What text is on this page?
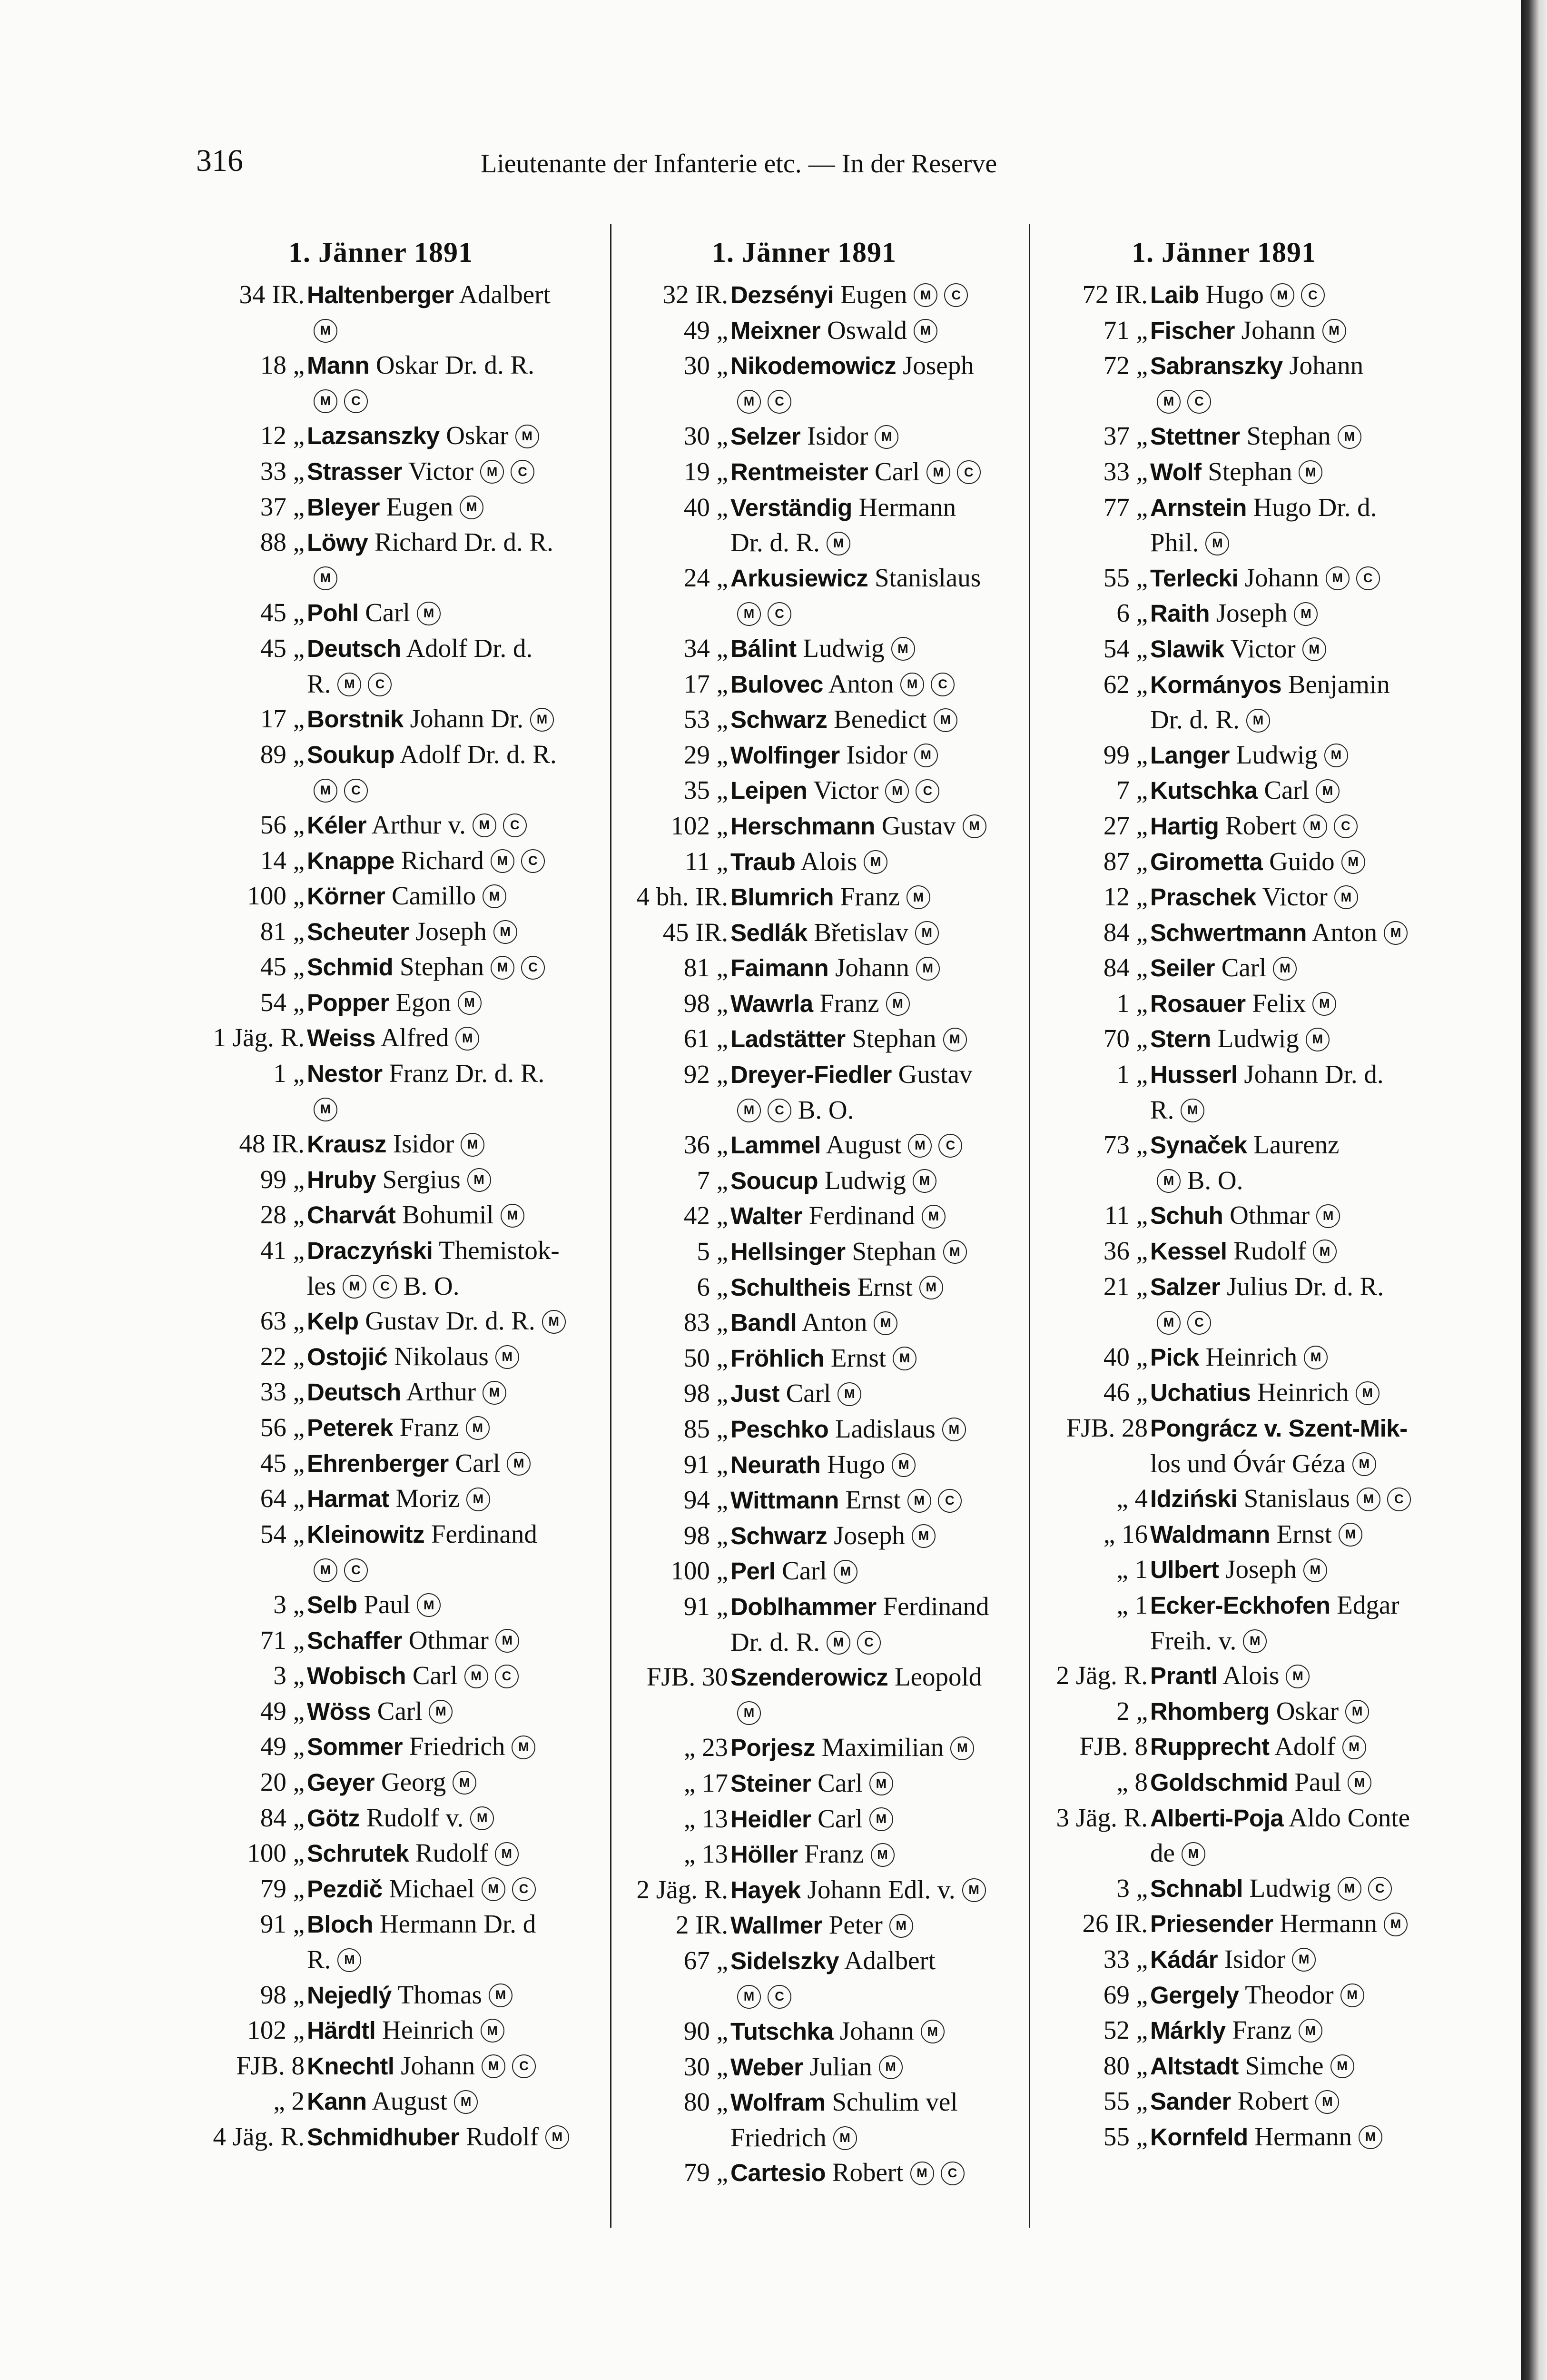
316	Lieutenante der Infanterie etc. — In der Reserve
1. Jänner 1891
34 IR. Haltenberger Adalbert
M
18 „ Mann Oskar Dr. d. R.
M C
12 „ Lazsanszky Oskar M
33 „ Strasser Victor M C
37 „ Bleyer Eugen M
88 „ Löwy Richard Dr. d. R.
M
45 „ Pohl Carl M
45 „ Deutsch Adolf Dr. d.
R. M C
17 „ Borstnik Johann Dr. M
89 „ Soukup Adolf Dr. d. R.
M C
56 „ Kéler Arthur v. M C
14 „ Knappe Richard M C
100 „ Körner Camillo M
81 „ Scheuter Joseph M
45 „ Schmid Stephan M C
54 „ Popper Egon M
1 Jäg. R. Weiss Alfred M
1 „ Nestor Franz Dr. d. R.
M
48 IR. Krausz Isidor M
99 „ Hruby Sergius M
28 „ Charvát Bohumil M
41 „ Draczyński Themistok-
les M C B. O.
63 „ Kelp Gustav Dr. d. R. M
22 „ Ostojić Nikolaus M
33 „ Deutsch Arthur M
56 „ Peterek Franz M
45 „ Ehrenberger Carl M
64 „ Harmat Moriz M
54 „ Kleinowitz Ferdinand
M C
3 „ Selb Paul M
71 „ Schaffer Othmar M
3 „ Wobisch Carl M C
49 „ Wöss Carl M
49 „ Sommer Friedrich M
20 „ Geyer Georg M
84 „ Götz Rudolf v. M
100 „ Schrutek Rudolf M
79 „ Pezdič Michael M C
91 „ Bloch Hermann Dr. d
R. M
98 „ Nejedlý Thomas M
102 „ Härdtl Heinrich M
FJB. 8 Knechtl Johann M C
„ 2 Kann August M
4 Jäg. R. Schmidhuber Rudolf M
1. Jänner 1891
32 IR. Dezsényi Eugen M C
49 „ Meixner Oswald M
30 „ Nikodemowicz Joseph
M C
30 „ Selzer Isidor M
19 „ Rentmeister Carl M C
40 „ Verständig Hermann
Dr. d. R. M
24 „ Arkusiewicz Stanislaus
M C
34 „ Bálint Ludwig M
17 „ Bulovec Anton M C
53 „ Schwarz Benedict M
29 „ Wolfinger Isidor M
35 „ Leipen Victor M C
102 „ Herschmann Gustav M
11 „ Traub Alois M
4 bh. IR. Blumrich Franz M
45 IR. Sedlák Břetislav M
81 „ Faimann Johann M
98 „ Wawrla Franz M
61 „ Ladstätter Stephan M
92 „ Dreyer-Fiedler Gustav
M C B. O.
36 „ Lammel August M C
7 „ Soucup Ludwig M
42 „ Walter Ferdinand M
5 „ Hellsinger Stephan M
6 „ Schultheis Ernst M
83 „ Bandl Anton M
50 „ Fröhlich Ernst M
98 „ Just Carl M
85 „ Peschko Ladislaus M
91 „ Neurath Hugo M
94 „ Wittmann Ernst M C
98 „ Schwarz Joseph M
100 „ Perl Carl M
91 „ Doblhammer Ferdinand
Dr. d. R. M C
FJB. 30 Szenderowicz Leopold
M
„ 23 Porjesz Maximilian M
„ 17 Steiner Carl M
„ 13 Heidler Carl M
„ 13 Höller Franz M
2 Jäg. R. Hayek Johann Edl. v. M
2 IR. Wallmer Peter M
67 „ Sidelszky Adalbert
M C
90 „ Tutschka Johann M
30 „ Weber Julian M
80 „ Wolfram Schulim vel
Friedrich M
79 „ Cartesio Robert M C
1. Jänner 1891
72 IR. Laib Hugo M C
71 „ Fischer Johann M
72 „ Sabranszky Johann
M C
37 „ Stettner Stephan M
33 „ Wolf Stephan M
77 „ Arnstein Hugo Dr. d.
Phil. M
55 „ Terlecki Johann M C
6 „ Raith Joseph M
54 „ Slawik Victor M
62 „ Kormányos Benjamin
Dr. d. R. M
99 „ Langer Ludwig M
7 „ Kutschka Carl M
27 „ Hartig Robert M C
87 „ Girometta Guido M
12 „ Praschek Victor M
84 „ Schwertmann Anton M
84 „ Seiler Carl M
1 „ Rosauer Felix M
70 „ Stern Ludwig M
1 „ Husserl Johann Dr. d.
R. M
73 „ Synaček Laurenz
M B. O.
11 „ Schuh Othmar M
36 „ Kessel Rudolf M
21 „ Salzer Julius Dr. d. R.
M C
40 „ Pick Heinrich M
46 „ Uchatius Heinrich M
FJB. 28 Pongrácz v. Szent-Mik-
los und Óvár Géza M
„ 4 Idziński Stanislaus M C
„ 16 Waldmann Ernst M
„ 1 Ulbert Joseph M
„ 1 Ecker-Eckhofen Edgar
Freih. v. M
2 Jäg. R. Prantl Alois M
2 „ Rhomberg Oskar M
FJB. 8 Rupprecht Adolf M
„ 8 Goldschmid Paul M
3 Jäg. R. Alberti-Poja Aldo Conte
de M
3 „ Schnabl Ludwig M C
26 IR. Priesender Hermann M
33 „ Kádár Isidor M
69 „ Gergely Theodor M
52 „ Márkly Franz M
80 „ Altstadt Simche M
55 „ Sander Robert M
55 „ Kornfeld Hermann M
